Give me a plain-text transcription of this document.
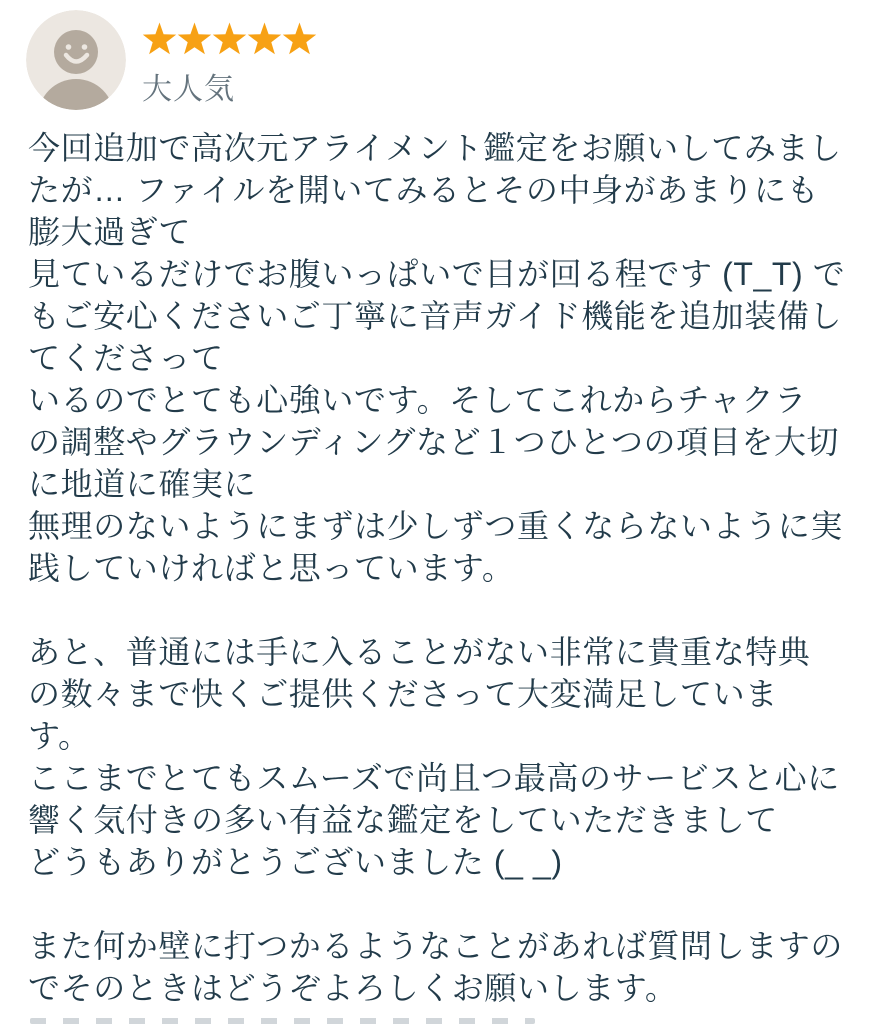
大人気
今回追加で高次元アライメント鑑定をお願いしてみまし
たが… ファイルを開いてみるとその中身があまりにも
膨大過ぎて
見ているだけでお腹いっぱいで目が回る程です (T_T) で
もご安心くださいご丁寧に音声ガイド機能を追加装備し
てくださって
いるのでとても心強いです。そしてこれからチャクラ
の調整やグラウンディングなど１つひとつの項目を大切
に地道に確実に
無理のないようにまずは少しずつ重くならないように実
践していければと思っています。

あと、普通には手に入ることがない非常に貴重な特典
の数々まで快くご提供くださって大変満足していま
す。
ここまでとてもスムーズで尚且つ最高のサービスと心に
響く気付きの多い有益な鑑定をしていただきまして
どうもありがとうございました (_ _)

また何か壁に打つかるようなことがあれば質問しますの
でそのときはどうぞよろしくお願いします。
